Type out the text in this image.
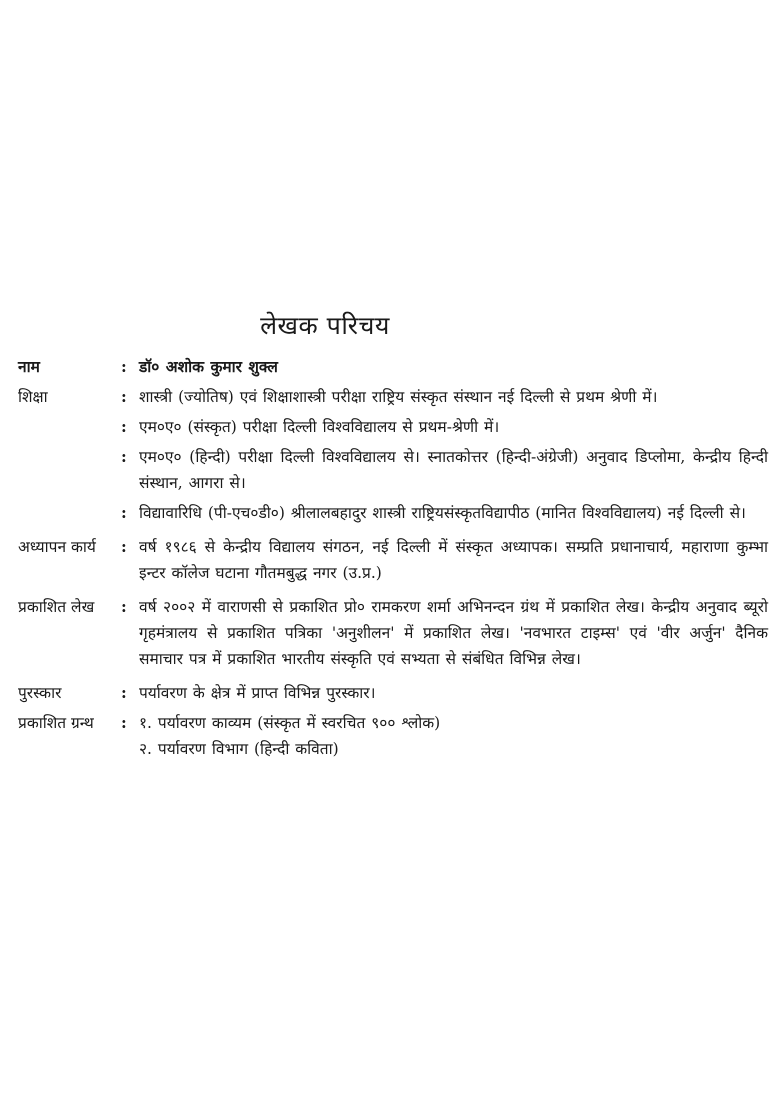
लेखक परिचय
नाम	: डॉ० अशोक कुमार शुक्ल
शिक्षा	: शास्त्री (ज्योतिष) एवं शिक्षाशास्त्री परीक्षा राष्ट्रिय संस्कृत संस्थान नई दिल्ली से प्रथम श्रेणी में।
: एम०ए० (संस्कृत) परीक्षा दिल्ली विश्वविद्यालय से प्रथम-श्रेणी में।
: एम०ए० (हिन्दी) परीक्षा दिल्ली विश्वविद्यालय से। स्नातकोत्तर (हिन्दी-अंग्रेजी) अनुवाद डिप्लोमा, केन्द्रीय हिन्दी संस्थान, आगरा से।
: विद्यावारिधि (पी-एच०डी०) श्रीलालबहादुर शास्त्री राष्ट्रियसंस्कृतविद्यापीठ (मानित विश्वविद्यालय) नई दिल्ली से।
अध्यापन कार्य	: वर्ष १९८६ से केन्द्रीय विद्यालय संगठन, नई दिल्ली में संस्कृत अध्यापक। सम्प्रति प्रधानाचार्य, महाराणा कुम्भा इन्टर कॉलेज घटाना गौतमबुद्ध नगर (उ.प्र.)
प्रकाशित लेख	: वर्ष २००२ में वाराणसी से प्रकाशित प्रो० रामकरण शर्मा अभिनन्दन ग्रंथ में प्रकाशित लेख। केन्द्रीय अनुवाद ब्यूरो गृहमंत्रालय से प्रकाशित पत्रिका 'अनुशीलन' में प्रकाशित लेख। 'नवभारत टाइम्स' एवं 'वीर अर्जुन' दैनिक समाचार पत्र में प्रकाशित भारतीय संस्कृति एवं सभ्यता से संबंधित विभिन्न लेख।
पुरस्कार	: पर्यावरण के क्षेत्र में प्राप्त विभिन्न पुरस्कार।
प्रकाशित ग्रन्थ	: १. पर्यावरण काव्यम (संस्कृत में स्वरचित ९०० श्लोक)
२. पर्यावरण विभाग (हिन्दी कविता)
